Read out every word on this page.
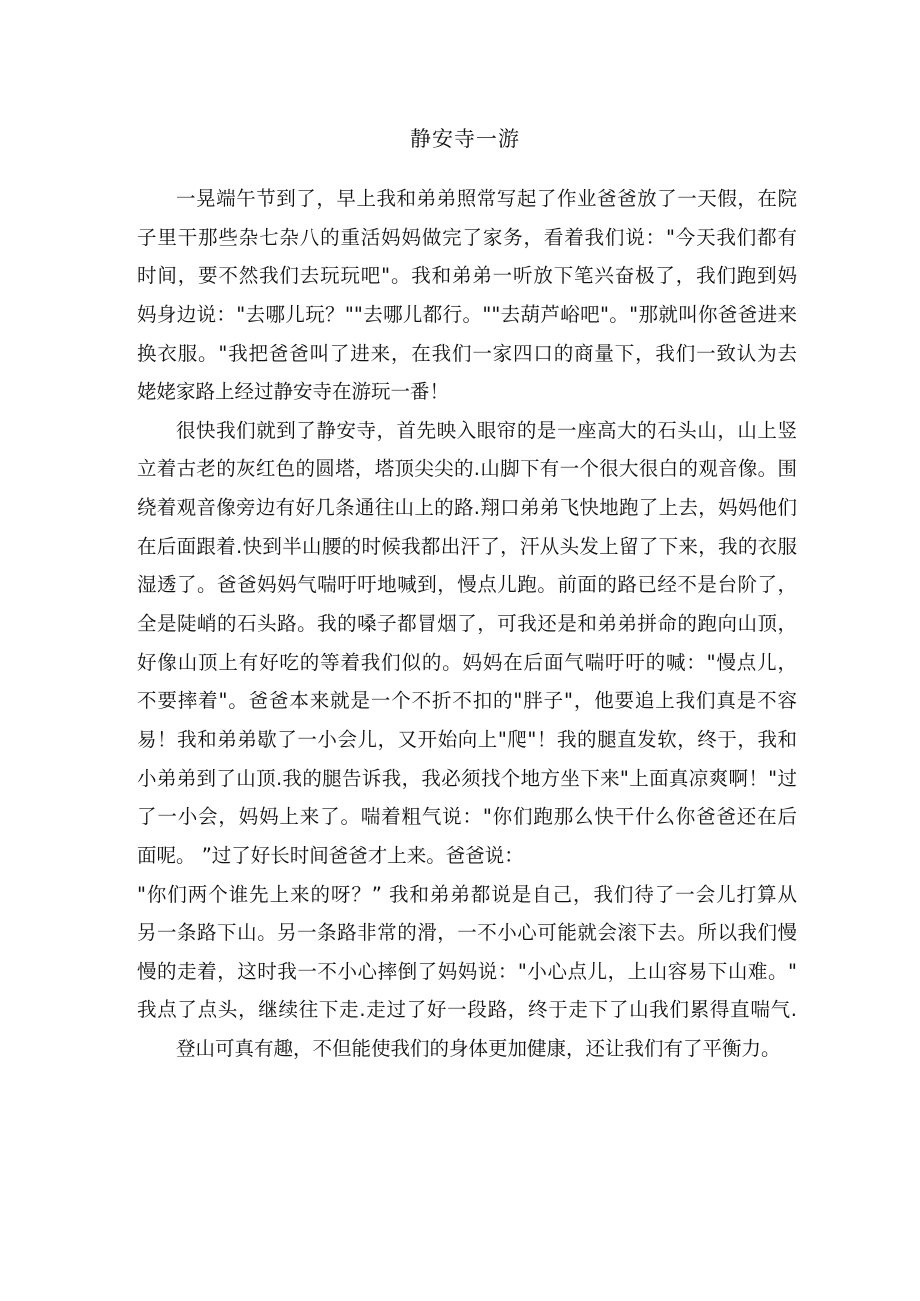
静安寺一游
一晃端午节到了，早上我和弟弟照常写起了作业爸爸放了一天假，在院
子里干那些杂七杂八的重活妈妈做完了家务，看着我们说："今天我们都有
时间，要不然我们去玩玩吧"。我和弟弟一听放下笔兴奋极了，我们跑到妈
妈身边说："去哪儿玩？""去哪儿都行。""去葫芦峪吧"。"那就叫你爸爸进来
换衣服。"我把爸爸叫了进来，在我们一家四口的商量下，我们一致认为去
姥姥家路上经过静安寺在游玩一番！
很快我们就到了静安寺，首先映入眼帘的是一座高大的石头山，山上竖
立着古老的灰红色的圆塔，塔顶尖尖的.山脚下有一个很大很白的观音像。围
绕着观音像旁边有好几条通往山上的路.翔口弟弟飞快地跑了上去，妈妈他们
在后面跟着.快到半山腰的时候我都出汗了，汗从头发上留了下来，我的衣服
湿透了。爸爸妈妈气喘吁吁地喊到，慢点儿跑。前面的路已经不是台阶了，
全是陡峭的石头路。我的嗓子都冒烟了，可我还是和弟弟拼命的跑向山顶，
好像山顶上有好吃的等着我们似的。妈妈在后面气喘吁吁的喊："慢点儿，
不要摔着"。爸爸本来就是一个不折不扣的"胖子"，他要追上我们真是不容
易！我和弟弟歇了一小会儿，又开始向上"爬"！我的腿直发软，终于，我和
小弟弟到了山顶.我的腿告诉我，我必须找个地方坐下来"上面真凉爽啊！"过
了一小会，妈妈上来了。喘着粗气说："你们跑那么快干什么你爸爸还在后
面呢。 ”过了好长时间爸爸才上来。爸爸说：
"你们两个谁先上来的呀？” 我和弟弟都说是自己，我们待了一会儿打算从
另一条路下山。另一条路非常的滑，一不小心可能就会滚下去。所以我们慢
慢的走着，这时我一不小心摔倒了妈妈说："小心点儿，上山容易下山难。"
我点了点头，继续往下走.走过了好一段路，终于走下了山我们累得直喘气.
登山可真有趣，不但能使我们的身体更加健康，还让我们有了平衡力。
